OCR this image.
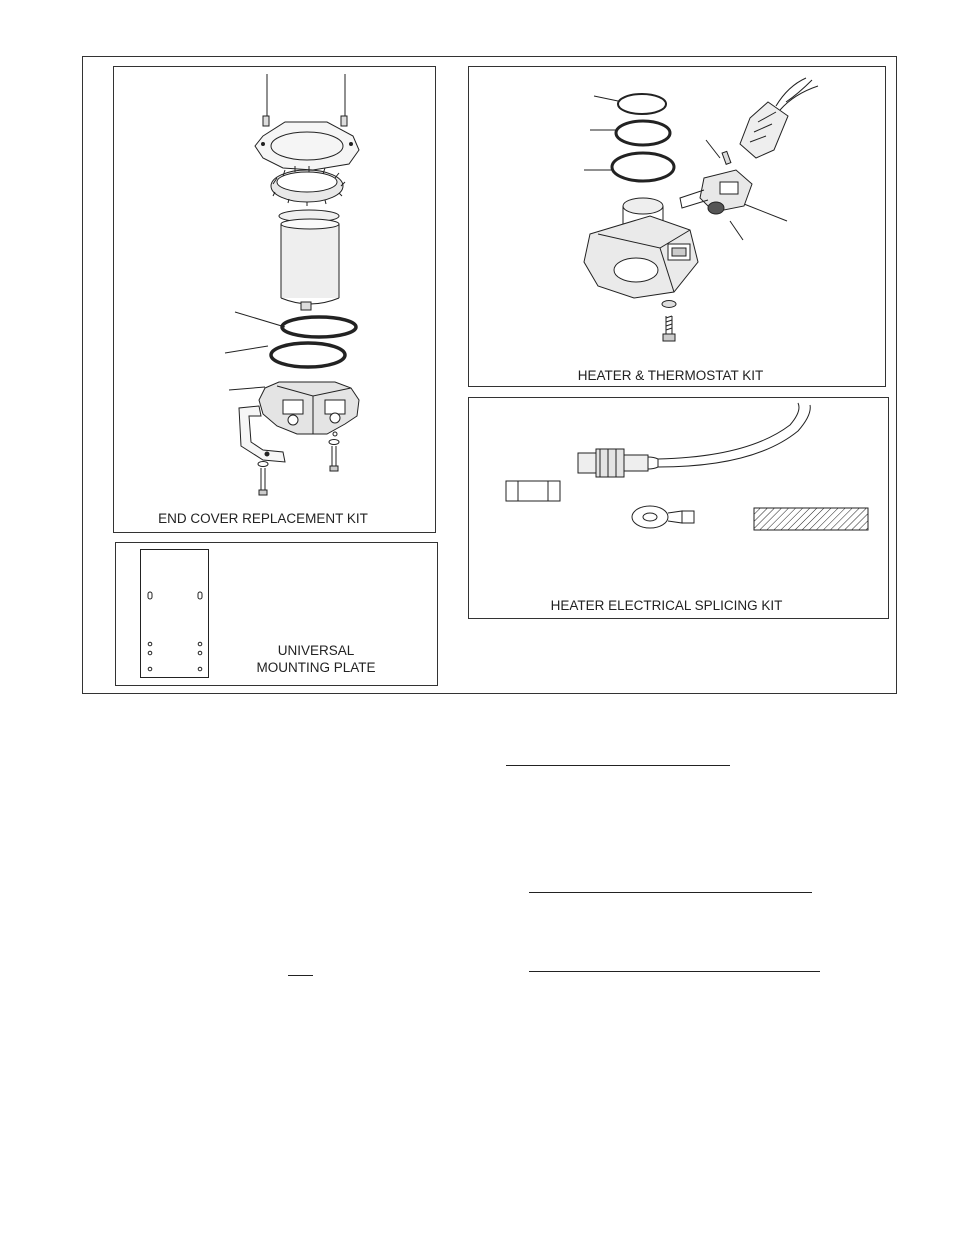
END COVER REPLACEMENT KIT
UNIVERSAL
MOUNTING PLATE
HEATER & THERMOSTAT KIT
HEATER ELECTRICAL SPLICING KIT
